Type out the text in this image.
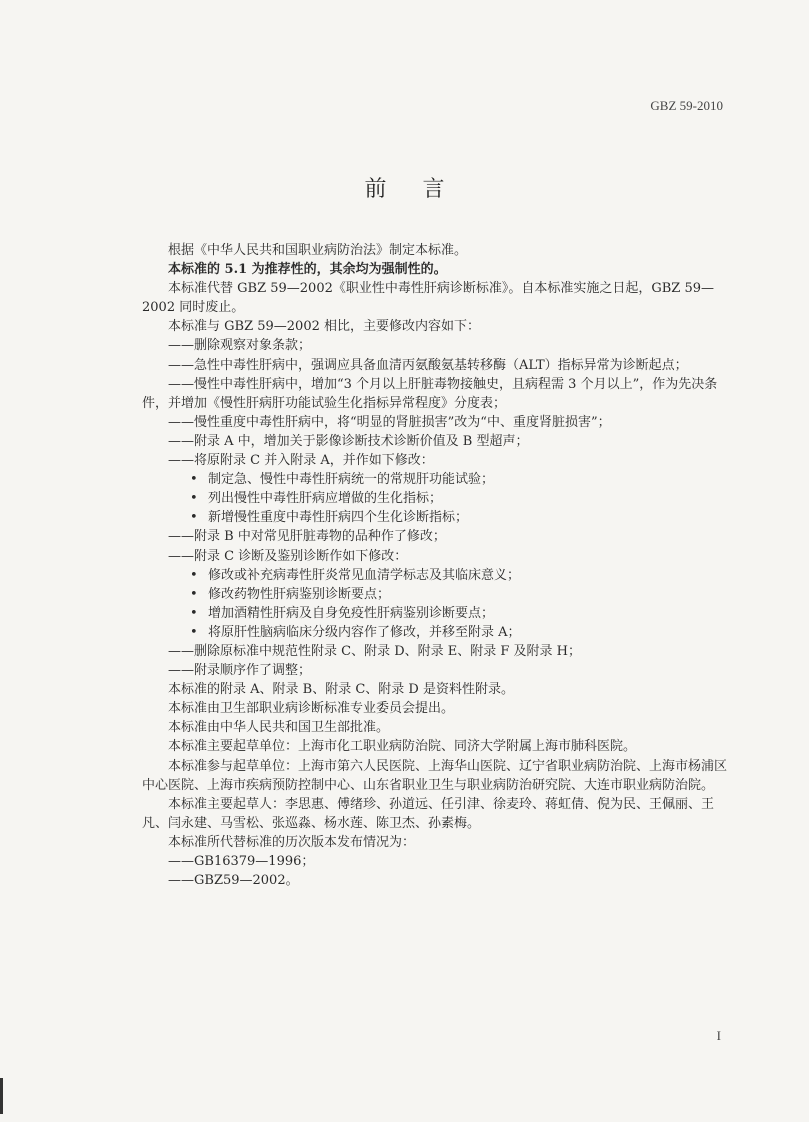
GBZ 59-2010
前 言

根据《中华人民共和国职业病防治法》制定本标准。

本标准的 5.1 为推荐性的，其余均为强制性的。

本标准代替 GBZ 59—2002《职业性中毒性肝病诊断标准》。自本标准实施之日起，GBZ 59—2002 同时废止。

本标准与 GBZ 59—2002 相比，主要修改内容如下：

——删除观察对象条款；

——急性中毒性肝病中，强调应具备血清丙氨酸氨基转移酶（ALT）指标异常为诊断起点；

——慢性中毒性肝病中，增加“3 个月以上肝脏毒物接触史，且病程需 3 个月以上”，作为先决条件，并增加《慢性肝病肝功能试验生化指标异常程度》分度表；

——慢性重度中毒性肝病中，将“明显的肾脏损害”改为“中、重度肾脏损害”；

——附录 A 中，增加关于影像诊断技术诊断价值及 B 型超声；

——将原附录 C 并入附录 A，并作如下修改：

• 制定急、慢性中毒性肝病统一的常规肝功能试验；

• 列出慢性中毒性肝病应增做的生化指标；

• 新增慢性重度中毒性肝病四个生化诊断指标；

——附录 B 中对常见肝脏毒物的品种作了修改；

——附录 C 诊断及鉴别诊断作如下修改：

• 修改或补充病毒性肝炎常见血清学标志及其临床意义；

• 修改药物性肝病鉴别诊断要点；

• 增加酒精性肝病及自身免疫性肝病鉴别诊断要点；

• 将原肝性脑病临床分级内容作了修改，并移至附录 A；

——删除原标准中规范性附录 C、附录 D、附录 E、附录 F 及附录 H；

——附录顺序作了调整；

本标准的附录 A、附录 B、附录 C、附录 D 是资料性附录。

本标准由卫生部职业病诊断标准专业委员会提出。

本标准由中华人民共和国卫生部批准。

本标准主要起草单位：上海市化工职业病防治院、同济大学附属上海市肺科医院。

本标准参与起草单位：上海市第六人民医院、上海华山医院、辽宁省职业病防治院、上海市杨浦区中心医院、上海市疾病预防控制中心、山东省职业卫生与职业病防治研究院、大连市职业病防治院。

本标准主要起草人：李思惠、傅绪珍、孙道远、任引津、徐麦玲、蒋虹倩、倪为民、王佩丽、王凡、闫永建、马雪松、张巡淼、杨水莲、陈卫杰、孙素梅。

本标准所代替标准的历次版本发布情况为：

——GB16379—1996；

——GBZ59—2002。

I
